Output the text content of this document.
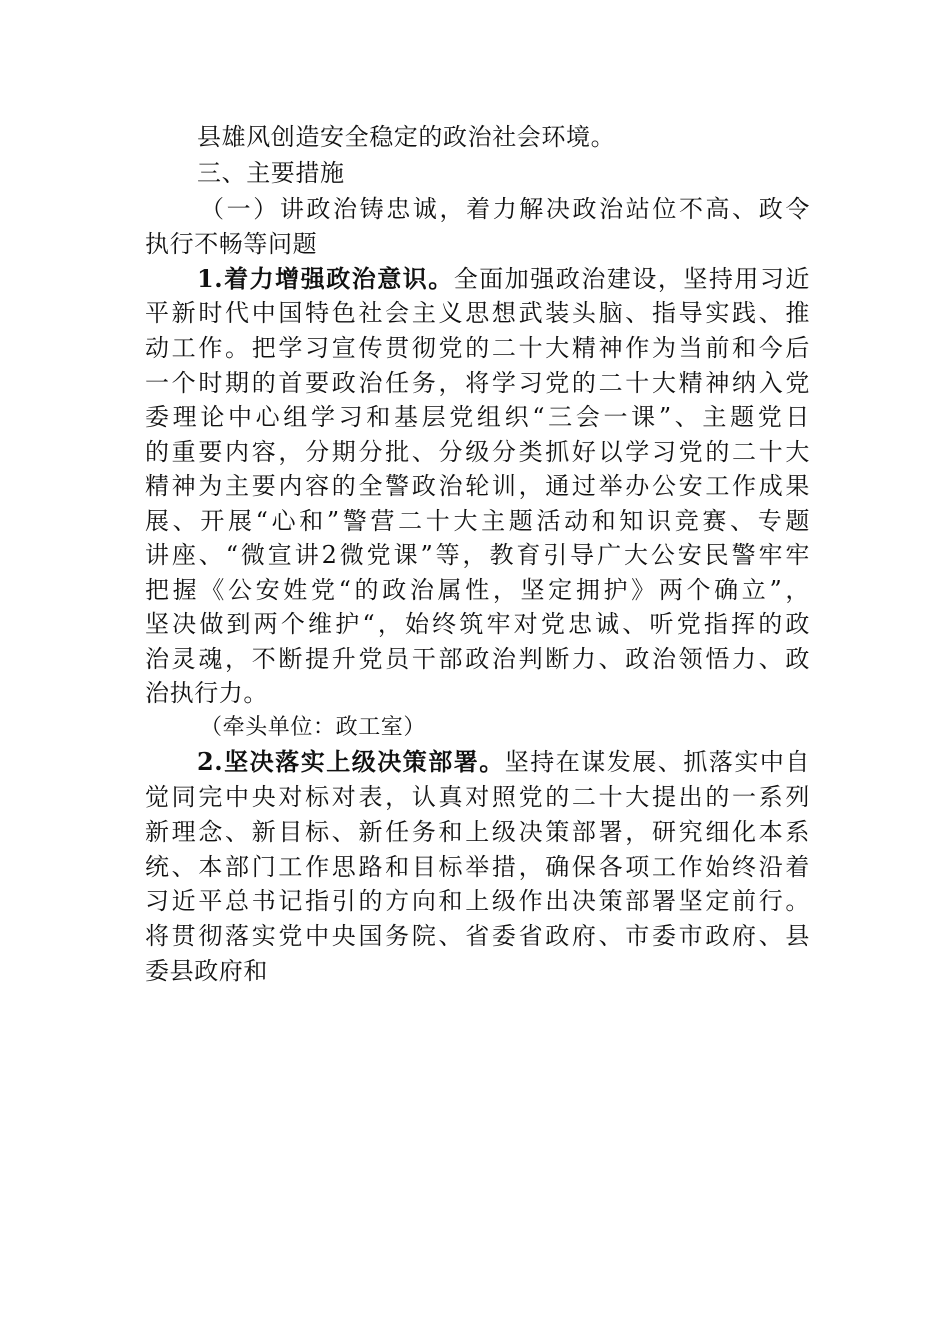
县雄风创造安全稳定的政治社会环境。
三、主要措施
（一）讲政治铸忠诚，着力解决政治站位不高、政令
执行不畅等问题
1.着力增强政治意识。全面加强政治建设，坚持用习近
平新时代中国特色社会主义思想武装头脑、指导实践、推
动工作。把学习宣传贯彻党的二十大精神作为当前和今后
一个时期的首要政治任务，将学习党的二十大精神纳入党
委理论中心组学习和基层党组织“三会一课”、主题党日
的重要内容，分期分批、分级分类抓好以学习党的二十大
精神为主要内容的全警政治轮训，通过举办公安工作成果
展、开展“心和”警营二十大主题活动和知识竞赛、专题
讲座、“微宣讲2微党课”等，教育引导广大公安民警牢牢
把握《公安姓党“的政治属性，坚定拥护》两个确立”，
坚决做到两个维护“，始终筑牢对党忠诚、听党指挥的政
治灵魂，不断提升党员干部政治判断力、政治领悟力、政
治执行力。
（牵头单位：政工室）
2.坚决落实上级决策部署。坚持在谋发展、抓落实中自
觉同完中央对标对表，认真对照党的二十大提出的一系列
新理念、新目标、新任务和上级决策部署，研究细化本系
统、本部门工作思路和目标举措，确保各项工作始终沿着
习近平总书记指引的方向和上级作出决策部署坚定前行。
将贯彻落实党中央国务院、省委省政府、市委市政府、县
委县政府和
